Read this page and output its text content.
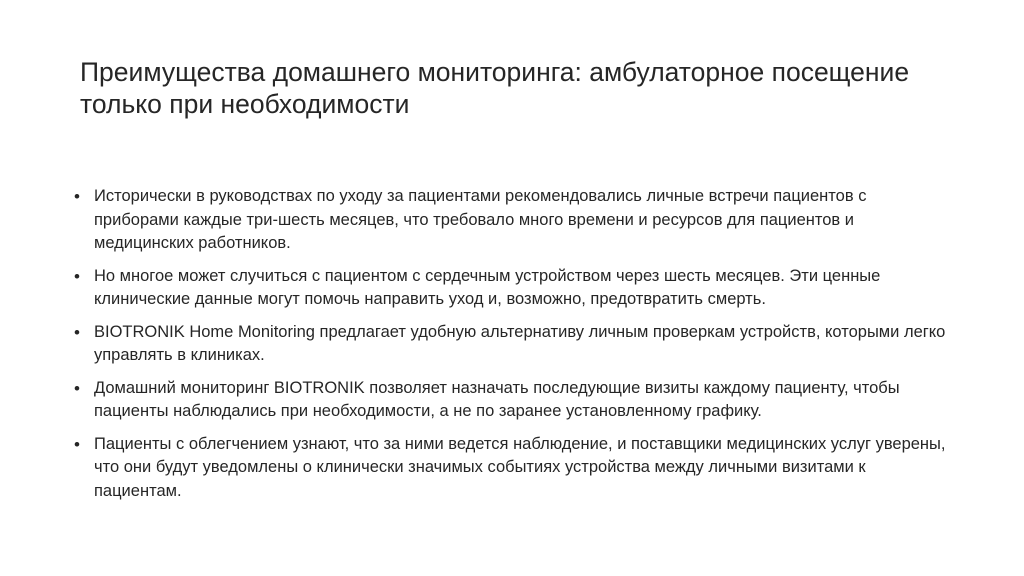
Преимущества домашнего мониторинга: амбулаторное посещение только при необходимости
• Исторически в руководствах по уходу за пациентами рекомендовались личные встречи пациентов с приборами каждые три-шесть месяцев, что требовало много времени и ресурсов для пациентов и медицинских работников.
• Но многое может случиться с пациентом с сердечным устройством через шесть месяцев. Эти ценные клинические данные могут помочь направить уход и, возможно, предотвратить смерть.
• BIOTRONIK Home Monitoring предлагает удобную альтернативу личным проверкам устройств, которыми легко управлять в клиниках.
• Домашний мониторинг BIOTRONIK позволяет назначать последующие визиты каждому пациенту, чтобы пациенты наблюдались при необходимости, а не по заранее установленному графику.
• Пациенты с облегчением узнают, что за ними ведется наблюдение, и поставщики медицинских услуг уверены, что они будут уведомлены о клинически значимых событиях устройства между личными визитами к пациентам.
